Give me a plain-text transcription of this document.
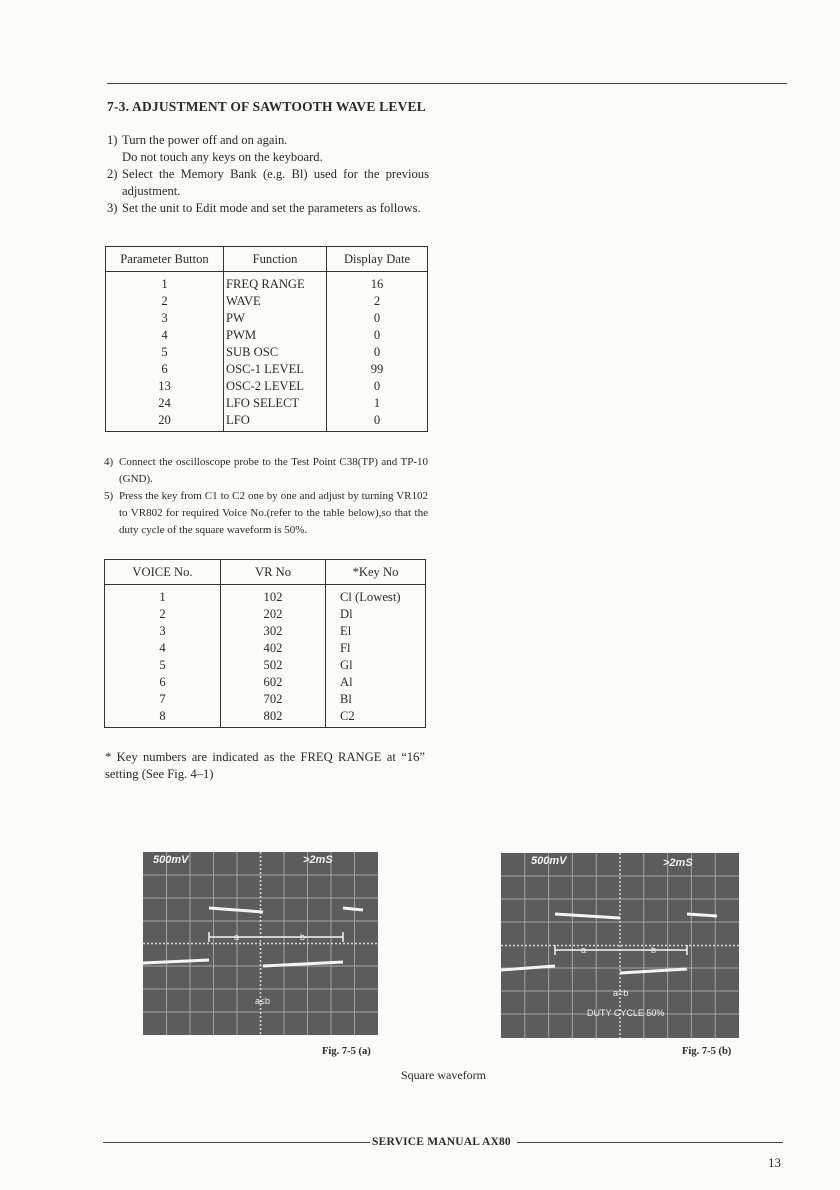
7-3. ADJUSTMENT OF SAWTOOTH WAVE LEVEL
1) Turn the power off and on again.
Do not touch any keys on the keyboard.
2) Select the Memory Bank (e.g. Bl) used for the previous adjustment.
3) Set the unit to Edit mode and set the parameters as follows.
Parameter Button	Function	Display Date
1	FREQ RANGE	16
2	WAVE	2
3	PW	0
4	PWM	0
5	SUB OSC	0
6	OSC-1 LEVEL	99
13	OSC-2 LEVEL	0
24	LFO SELECT	1
20	LFO	0
4) Connect the oscilloscope probe to the Test Point C38(TP) and TP-10 (GND).
5) Press the key from C1 to C2 one by one and adjust by turning VR102 to VR802 for required Voice No.(refer to the table below),so that the duty cycle of the square waveform is 50%.
VOICE No.	VR No	*Key No
1	102	Cl (Lowest)
2	202	Dl
3	302	El
4	402	Fl
5	502	Gl
6	602	Al
7	702	Bl
8	802	C2
* Key numbers are indicated as the FREQ RANGE at “16” setting (See Fig. 4–1)
500mV	>2mS
a	b
a≤b
500mV	>2mS
a	b
a=b
DUTY CYCLE 50%
Fig. 7-5 (a)	Fig. 7-5 (b)
Square waveform
SERVICE MANUAL AX80
13
